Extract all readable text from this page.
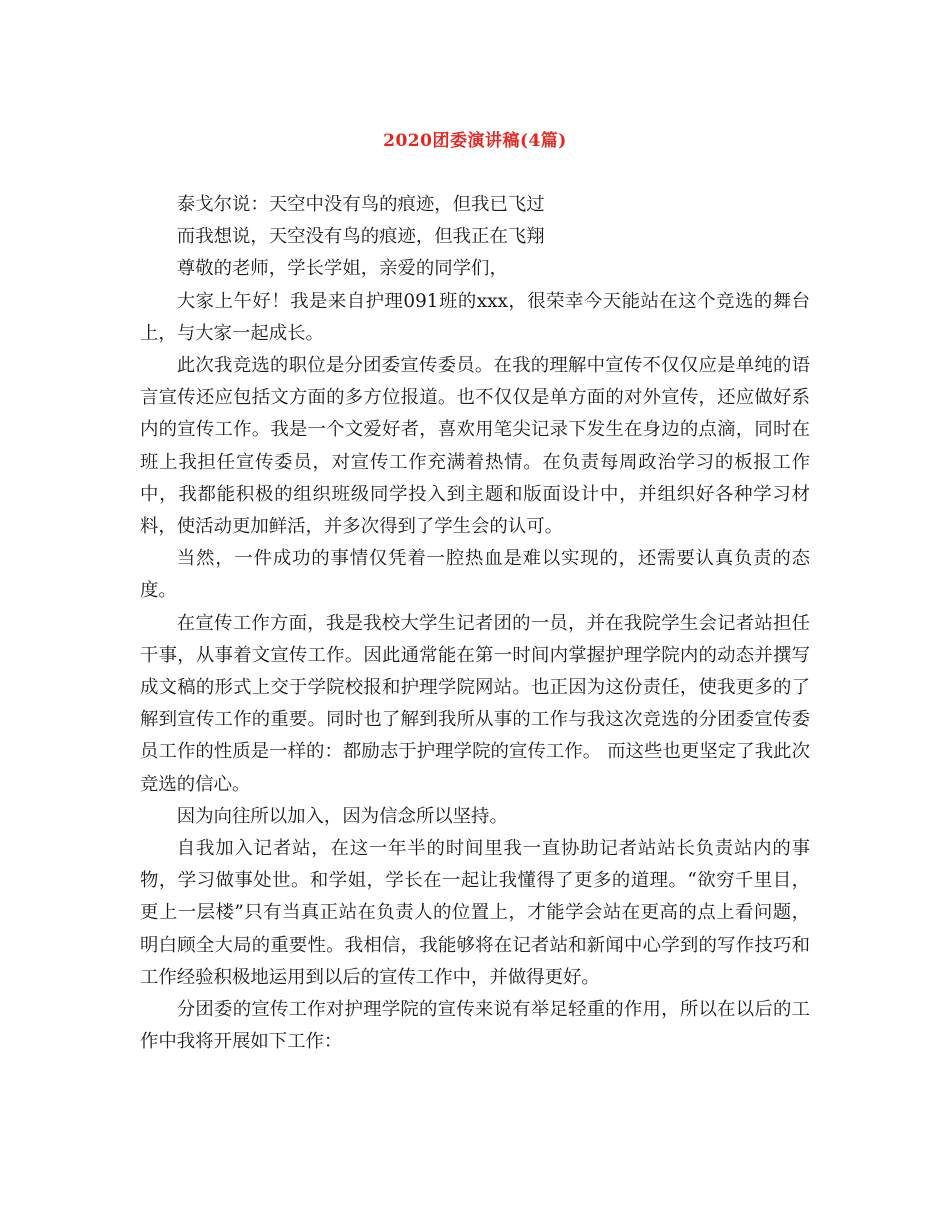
2020团委演讲稿(4篇)

泰戈尔说：天空中没有鸟的痕迹，但我已飞过

而我想说，天空没有鸟的痕迹，但我正在飞翔

尊敬的老师，学长学姐，亲爱的同学们，

大家上午好！我是来自护理091班的xxx，很荣幸今天能站在这个竞选的舞台上，与大家一起成长。

此次我竞选的职位是分团委宣传委员。在我的理解中宣传不仅仅应是单纯的语言宣传还应包括文方面的多方位报道。也不仅仅是单方面的对外宣传，还应做好系内的宣传工作。我是一个文爱好者，喜欢用笔尖记录下发生在身边的点滴，同时在班上我担任宣传委员，对宣传工作充满着热情。在负责每周政治学习的板报工作中，我都能积极的组织班级同学投入到主题和版面设计中，并组织好各种学习材料，使活动更加鲜活，并多次得到了学生会的认可。

当然，一件成功的事情仅凭着一腔热血是难以实现的，还需要认真负责的态度。

在宣传工作方面，我是我校大学生记者团的一员，并在我院学生会记者站担任干事，从事着文宣传工作。因此通常能在第一时间内掌握护理学院内的动态并撰写成文稿的形式上交于学院校报和护理学院网站。也正因为这份责任，使我更多的了解到宣传工作的重要。同时也了解到我所从事的工作与我这次竞选的分团委宣传委员工作的性质是一样的：都励志于护理学院的宣传工作。 而这些也更坚定了我此次竞选的信心。

因为向往所以加入，因为信念所以坚持。

自我加入记者站，在这一年半的时间里我一直协助记者站站长负责站内的事物，学习做事处世。和学姐，学长在一起让我懂得了更多的道理。“欲穷千里目，更上一层楼”只有当真正站在负责人的位置上，才能学会站在更高的点上看问题，明白顾全大局的重要性。我相信，我能够将在记者站和新闻中心学到的写作技巧和工作经验积极地运用到以后的宣传工作中，并做得更好。

分团委的宣传工作对护理学院的宣传来说有举足轻重的作用，所以在以后的工作中我将开展如下工作：
